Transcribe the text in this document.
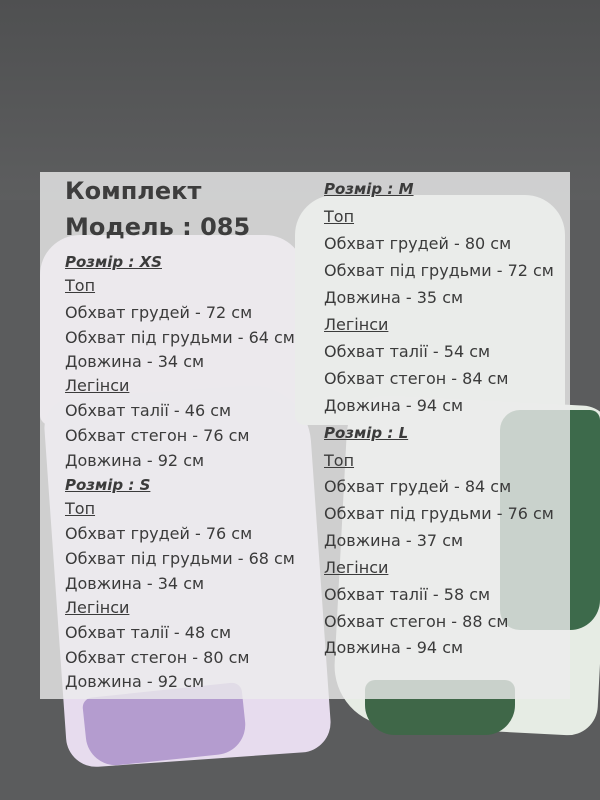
Комплект
Модель : 085
Розмір : XS
Топ
Обхват грудей - 72 см
Обхват під грудьми - 64 см
Довжина - 34 см
Легінси
Обхват талії - 46 см
Обхват стегон - 76 см
Довжина - 92 см
Розмір : S
Топ
Обхват грудей - 76 см
Обхват під грудьми - 68 см
Довжина - 34 см
Легінси
Обхват талії - 48 см
Обхват стегон - 80 см
Довжина - 92 см
Розмір : M
Топ
Обхват грудей - 80 см
Обхват під грудьми - 72 см
Довжина - 35 см
Легінси
Обхват талії - 54 см
Обхват стегон - 84 см
Довжина - 94 см
Розмір : L
Топ
Обхват грудей - 84 см
Обхват під грудьми - 76 см
Довжина - 37 см
Легінси
Обхват талії - 58 см
Обхват стегон - 88 см
Довжина - 94 см
